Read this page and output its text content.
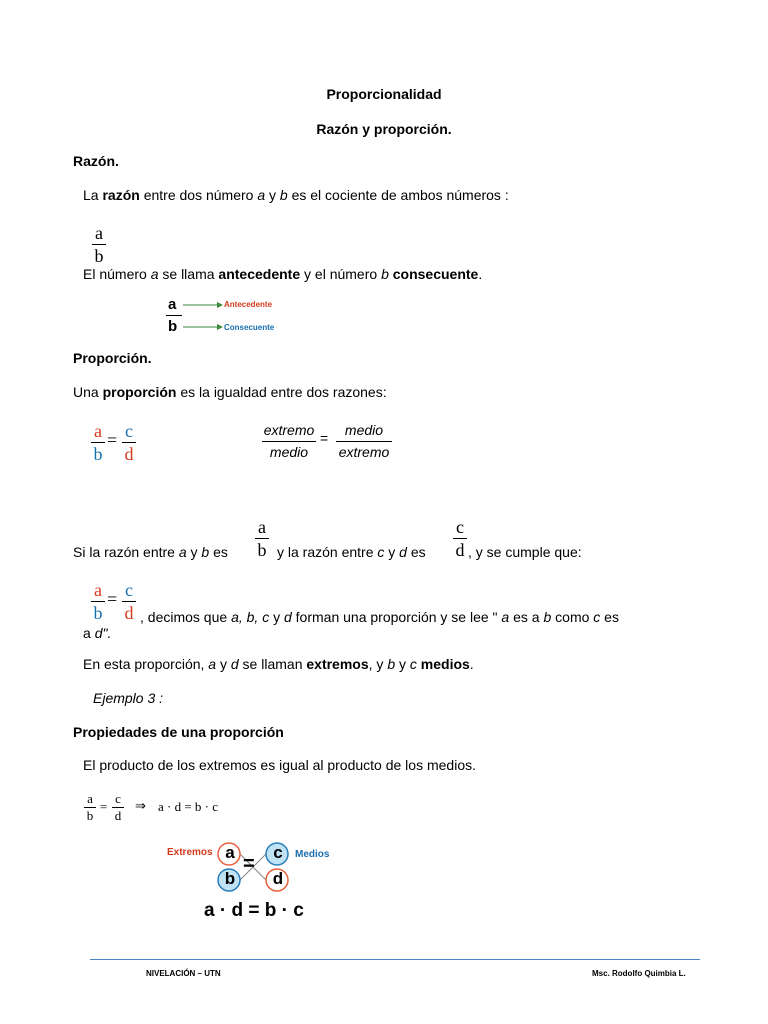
Proporcionalidad
Razón y proporción.
Razón.
La razón entre dos número a y b es el cociente de ambos números :
a
b
El número a se llama antecedente y el número b consecuente.
a
b
Antecedente
Consecuente
Proporción.
Una proporción es la igualdad entre dos razones:
a
b
= c
d
extremo
medio
=	medio
extremo
Si la razón entre a y b es
a
b y la razón entre c y d es
c
d , y se cumple que:
a
b
= c
d , decimos que a, b, c y d forman una proporción y se lee " a es a b como c es
a d".
En esta proporción, a y d se llaman extremos, y b y c medios.
Ejemplo 3 :
Propiedades de una proporción
El producto de los extremos es igual al producto de los medios.
a
b
=
c
d
⇒ a · d = b · c
Extremos	Medios
a
b
c
d
=
a · d = b · c
NIVELACIÓN – UTN	Msc. Rodolfo Quimbia L.
